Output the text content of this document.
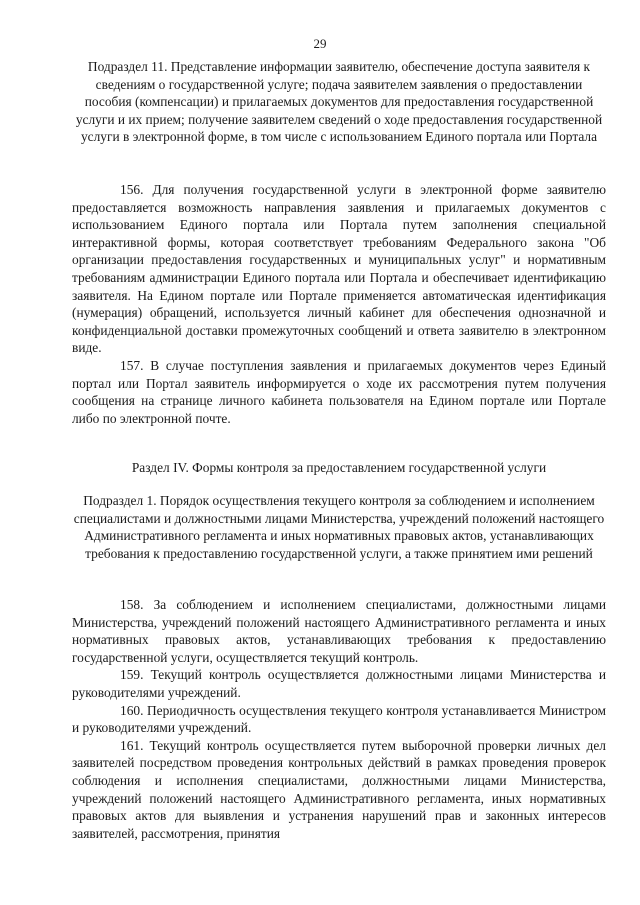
29

Подраздел 11. Представление информации заявителю, обеспечение доступа заявителя к сведениям о государственной услуге; подача заявителем заявления о предоставлении пособия (компенсации) и прилагаемых документов для предоставления государственной услуги и их прием; получение заявителем сведений о ходе предоставления государственной услуги в электронной форме, в том числе с использованием Единого портала или Портала

156. Для получения государственной услуги в электронной форме заявителю предоставляется возможность направления заявления и прилагаемых документов с использованием Единого портала или Портала путем заполнения специальной интерактивной формы, которая соответствует требованиям Федерального закона "Об организации предоставления государственных и муниципальных услуг" и нормативным требованиям администрации Единого портала или Портала и обеспечивает идентификацию заявителя. На Едином портале или Портале применяется автоматическая идентификация (нумерация) обращений, используется личный кабинет для обеспечения однозначной и конфиденциальной доставки промежуточных сообщений и ответа заявителю в электронном виде.

157. В случае поступления заявления и прилагаемых документов через Единый портал или Портал заявитель информируется о ходе их рассмотрения путем получения сообщения на странице личного кабинета пользователя на Едином портале или Портале либо по электронной почте.

Раздел IV. Формы контроля за предоставлением государственной услуги

Подраздел 1. Порядок осуществления текущего контроля за соблюдением и исполнением специалистами и должностными лицами Министерства, учреждений положений настоящего Административного регламента и иных нормативных правовых актов, устанавливающих требования к предоставлению государственной услуги, а также принятием ими решений

158. За соблюдением и исполнением специалистами, должностными лицами Министерства, учреждений положений настоящего Административного регламента и иных нормативных правовых актов, устанавливающих требования к предоставлению государственной услуги, осуществляется текущий контроль.

159. Текущий контроль осуществляется должностными лицами Министерства и руководителями учреждений.

160. Периодичность осуществления текущего контроля устанавливается Министром и руководителями учреждений.

161. Текущий контроль осуществляется путем выборочной проверки личных дел заявителей посредством проведения контрольных действий в рамках проведения проверок соблюдения и исполнения специалистами, должностными лицами Министерства, учреждений положений настоящего Административного регламента, иных нормативных правовых актов для выявления и устранения нарушений прав и законных интересов заявителей, рассмотрения, принятия
